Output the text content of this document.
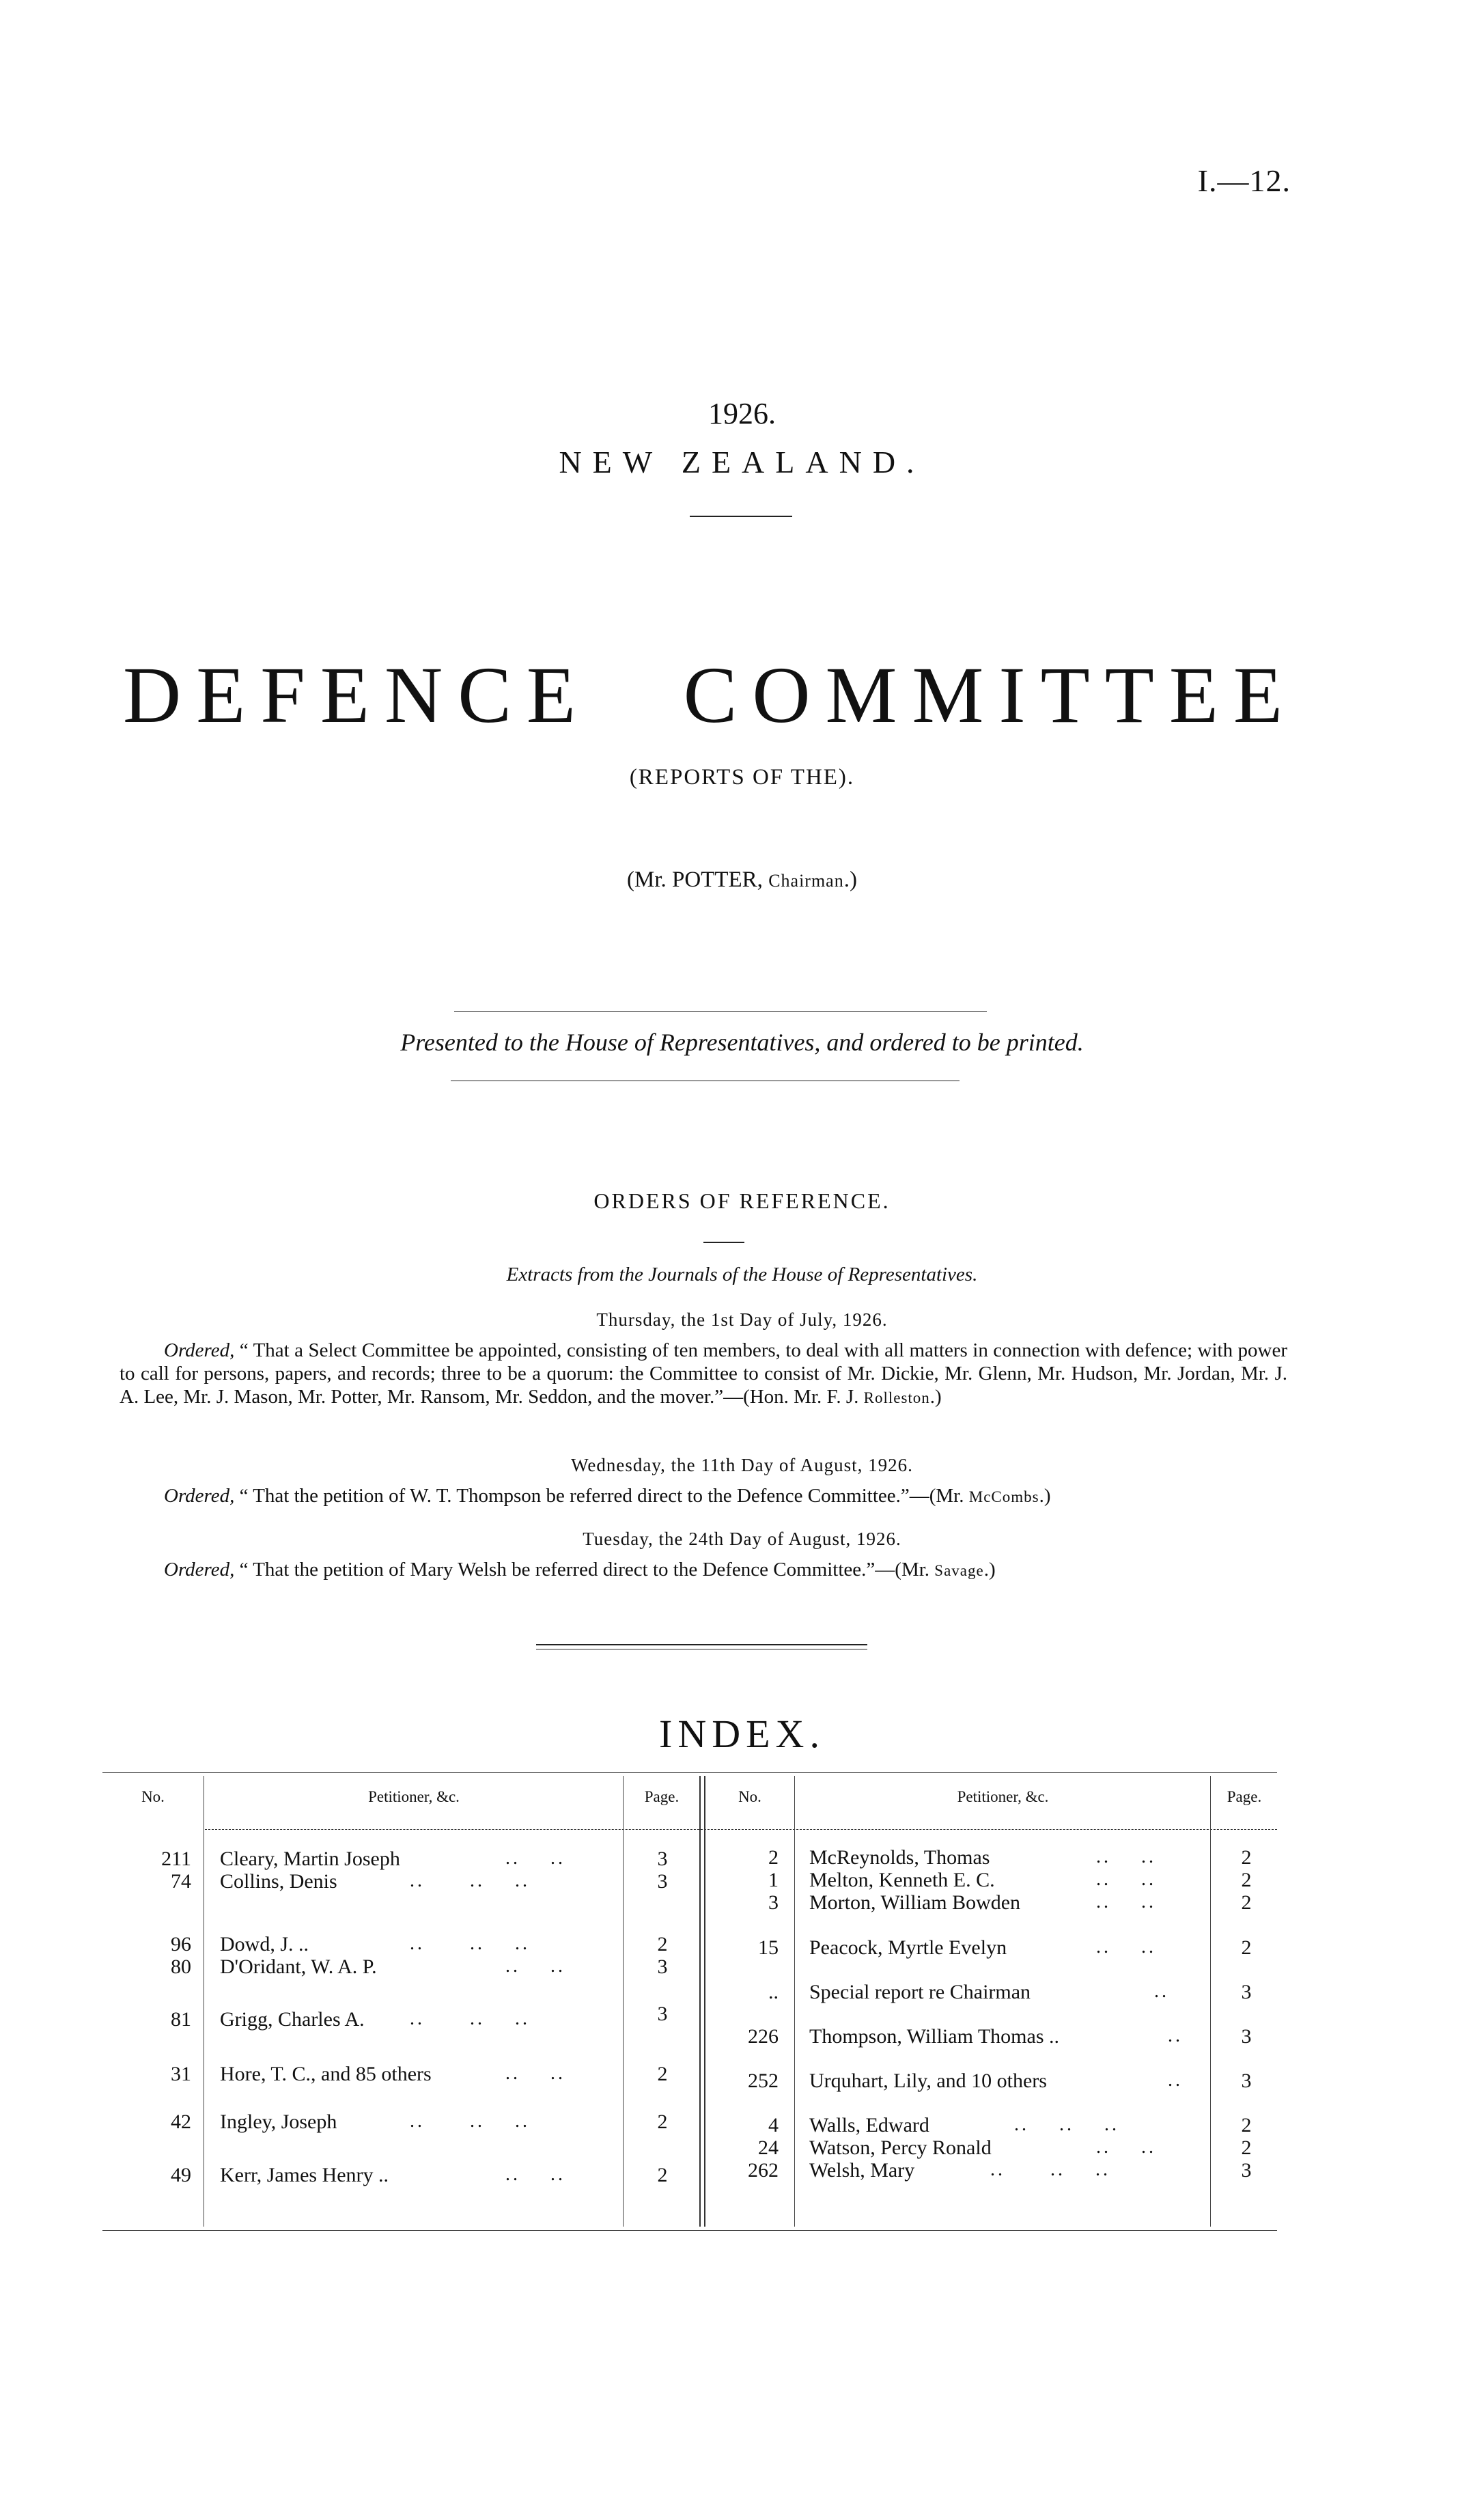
I.—12.
1926.
NEW ZEALAND.
DEFENCE COMMITTEE
(REPORTS OF THE).
(Mr. POTTER, Chairman.)
Presented to the House of Representatives, and ordered to be printed.
ORDERS OF REFERENCE.
Extracts from the Journals of the House of Representatives.
Thursday, the 1st Day of July, 1926.
Ordered, “ That a Select Committee be appointed, consisting of ten members, to deal with all matters in connection with defence; with power to call for persons, papers, and records; three to be a quorum: the Committee to consist of Mr. Dickie, Mr. Glenn, Mr. Hudson, Mr. Jordan, Mr. J. A. Lee, Mr. J. Mason, Mr. Potter, Mr. Ransom, Mr. Seddon, and the mover.”—(Hon. Mr. F. J. Rolleston.)
Wednesday, the 11th Day of August, 1926.
Ordered, “ That the petition of W. T. Thompson be referred direct to the Defence Committee.”—(Mr. McCombs.)
Tuesday, the 24th Day of August, 1926.
Ordered, “ That the petition of Mary Welsh be referred direct to the Defence Committee.”—(Mr. Savage.)
INDEX.
No.	Petitioner, &c.	Page.	No.	Petitioner, &c.	Page.
211 Cleary, Martin Joseph	..    ..	3
74 Collins, Denis	..      ..    ..	3
96 Dowd, J. ..	..      ..    ..	2
80 D'Oridant, W. A. P.	..    ..	3
81 Grigg, Charles A. ..      ..    ..	3
31 Hore, T. C., and 85 others	..    ..	2
42 Ingley, Joseph	..      ..    ..	2
49 Kerr, James Henry ..	..    ..	2
2 McReynolds, Thomas	..    ..	2
1 Melton, Kenneth E. C.	..    ..	2
3 Morton, William Bowden	..    ..	2
15 Peacock, Myrtle Evelyn	..    ..	2
.. Special report re Chairman	..	3
226 Thompson, William Thomas ..	..	3
252 Urquhart, Lily, and 10 others	..	3
4 Walls, Edward	..    ..    ..	2
24 Watson, Percy Ronald	..    ..	2
262 Welsh, Mary	..      ..    ..	3
